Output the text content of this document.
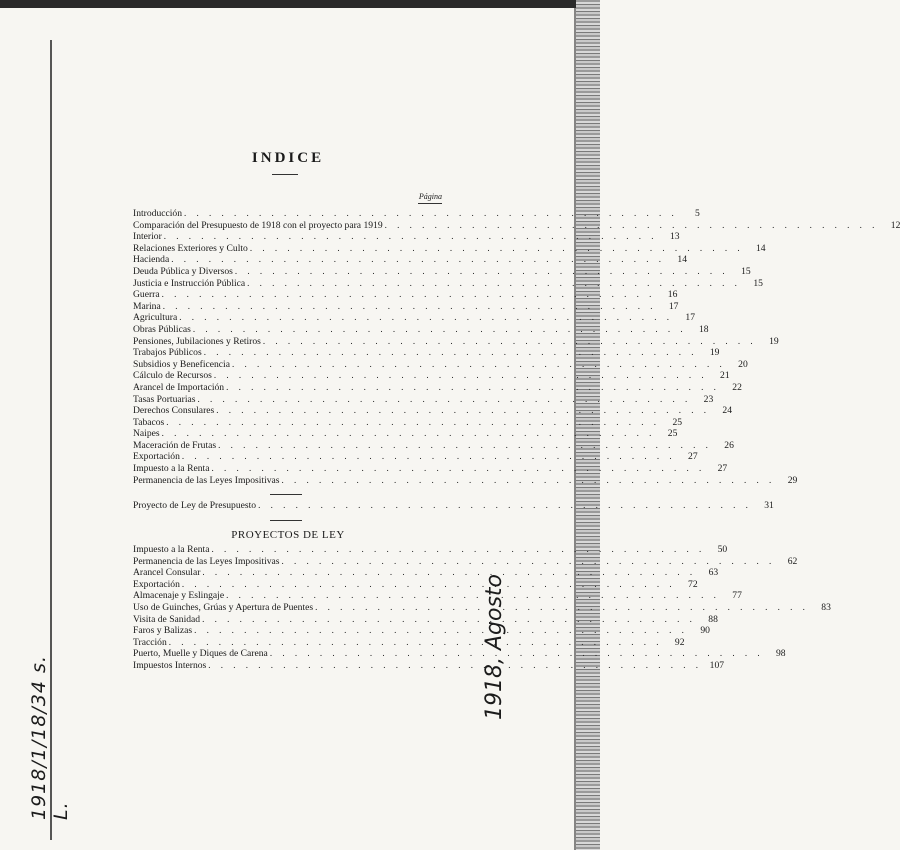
INDICE
Página
Introducción . . . . . . . . . . . . . . . . . . . . . . . . . . . . . . . . . . . . . . . .	5
Comparación del Presupuesto de 1918 con el proyecto para 1919 . . . . . . . . . . . . . . . . . . . . . . . . . . . . . . . . . . . . . . . .	12
Interior . . . . . . . . . . . . . . . . . . . . . . . . . . . . . . . . . . . . . . . .	13
Relaciones Exteriores y Culto . . . . . . . . . . . . . . . . . . . . . . . . . . . . . . . . . . . . . . . .	14
Hacienda . . . . . . . . . . . . . . . . . . . . . . . . . . . . . . . . . . . . . . . .	14
Deuda Pública y Diversos . . . . . . . . . . . . . . . . . . . . . . . . . . . . . . . . . . . . . . . .	15
Justicia e Instrucción Pública . . . . . . . . . . . . . . . . . . . . . . . . . . . . . . . . . . . . . . . .	15
Guerra . . . . . . . . . . . . . . . . . . . . . . . . . . . . . . . . . . . . . . . .	16
Marina . . . . . . . . . . . . . . . . . . . . . . . . . . . . . . . . . . . . . . . .	17
Agricultura . . . . . . . . . . . . . . . . . . . . . . . . . . . . . . . . . . . . . . . .	17
Obras Públicas . . . . . . . . . . . . . . . . . . . . . . . . . . . . . . . . . . . . . . . .	18
Pensiones, Jubilaciones y Retiros . . . . . . . . . . . . . . . . . . . . . . . . . . . . . . . . . . . . . . . .	19
Trabajos Públicos . . . . . . . . . . . . . . . . . . . . . . . . . . . . . . . . . . . . . . . .	19
Subsidios y Beneficencia . . . . . . . . . . . . . . . . . . . . . . . . . . . . . . . . . . . . . . . .	20
Cálculo de Recursos . . . . . . . . . . . . . . . . . . . . . . . . . . . . . . . . . . . . . . . .	21
Arancel de Importación . . . . . . . . . . . . . . . . . . . . . . . . . . . . . . . . . . . . . . . .	22
Tasas Portuarias . . . . . . . . . . . . . . . . . . . . . . . . . . . . . . . . . . . . . . . .	23
Derechos Consulares . . . . . . . . . . . . . . . . . . . . . . . . . . . . . . . . . . . . . . . .	24
Tabacos . . . . . . . . . . . . . . . . . . . . . . . . . . . . . . . . . . . . . . . .	25
Naipes . . . . . . . . . . . . . . . . . . . . . . . . . . . . . . . . . . . . . . . .	25
Maceración de Frutas . . . . . . . . . . . . . . . . . . . . . . . . . . . . . . . . . . . . . . . .	26
Exportación . . . . . . . . . . . . . . . . . . . . . . . . . . . . . . . . . . . . . . . .	27
Impuesto a la Renta . . . . . . . . . . . . . . . . . . . . . . . . . . . . . . . . . . . . . . . .	27
Permanencia de las Leyes Impositivas . . . . . . . . . . . . . . . . . . . . . . . . . . . . . . . . . . . . . . . .	29
Proyecto de Ley de Presupuesto . . . . . . . . . . . . . . . . . . . . . . . . . . . . . . . . . . . . . . . .	31
PROYECTOS DE LEY
Impuesto a la Renta . . . . . . . . . . . . . . . . . . . . . . . . . . . . . . . . . . . . . . . .	50
Permanencia de las Leyes Impositivas . . . . . . . . . . . . . . . . . . . . . . . . . . . . . . . . . . . . . . . .	62
Arancel Consular . . . . . . . . . . . . . . . . . . . . . . . . . . . . . . . . . . . . . . . .	63
Exportación . . . . . . . . . . . . . . . . . . . . . . . . . . . . . . . . . . . . . . . .	72
Almacenaje y Eslingaje . . . . . . . . . . . . . . . . . . . . . . . . . . . . . . . . . . . . . . . .	77
Uso de Guinches, Grúas y Apertura de Puentes . . . . . . . . . . . . . . . . . . . . . . . . . . . . . . . . . . . . . . . .	83
Visita de Sanidad . . . . . . . . . . . . . . . . . . . . . . . . . . . . . . . . . . . . . . . .	88
Faros y Balizas . . . . . . . . . . . . . . . . . . . . . . . . . . . . . . . . . . . . . . . .	90
Tracción . . . . . . . . . . . . . . . . . . . . . . . . . . . . . . . . . . . . . . . .	92
Puerto, Muelle y Diques de Carena . . . . . . . . . . . . . . . . . . . . . . . . . . . . . . . . . . . . . . . .	98
Impuestos Internos . . . . . . . . . . . . . . . . . . . . . . . . . . . . . . . . . . . . . . . . 107
1918/1/18/34 s. L.
1918, Agosto
